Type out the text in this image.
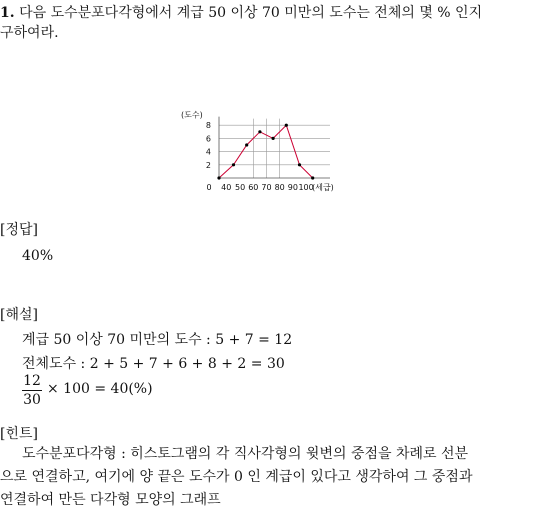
1. 다음 도수분포다각형에서 계급 50 이상 70 미만의 도수는 전체의 몇 % 인지
구하여라.
(도수)
2
4
6
8
0 40 50 60 70 80 90 100
(세급)
[정답]
40%
[해설]
계급 50 이상 70 미만의 도수 : 5 + 7 = 12
전체도수 : 2 + 5 + 7 + 6 + 8 + 2 = 30
12
30
× 100 = 40(%)
[힌트]
도수분포다각형 : 히스토그램의 각 직사각형의 윗변의 중점을 차례로 선분
으로 연결하고, 여기에 양 끝은 도수가 0 인 계급이 있다고 생각하여 그 중점과
연결하여 만든 다각형 모양의 그래프
